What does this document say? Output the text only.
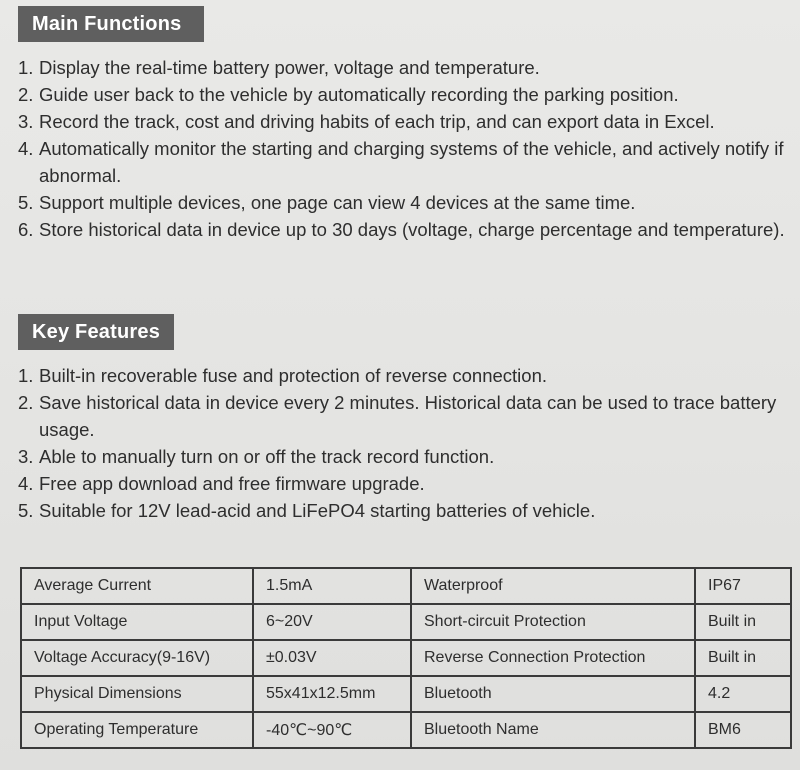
Main Functions
1. Display the real-time battery power, voltage and temperature.
2. Guide user back to the vehicle by automatically recording the parking position.
3. Record the track, cost and driving habits of each trip, and can export data in Excel.
4. Automatically monitor the starting and charging systems of the vehicle, and actively notify if abnormal.
5. Support multiple devices, one page can view 4 devices at the same time.
6. Store historical data in device up to 30 days (voltage, charge percentage and temperature).
Key Features
1. Built-in recoverable fuse and protection of reverse connection.
2. Save historical data in device every 2 minutes. Historical data can be used to trace battery usage.
3. Able to manually turn on or off the track record function.
4. Free app download and free firmware upgrade.
5. Suitable for 12V lead-acid and LiFePO4 starting batteries of vehicle.
Average Current	1.5mA	Waterproof	IP67
Input Voltage	6~20V	Short-circuit Protection	Built in
Voltage Accuracy(9-16V)	±0.03V	Reverse Connection Protection	Built in
Physical Dimensions	55x41x12.5mm	Bluetooth	4.2
Operating Temperature	-40℃~90℃	Bluetooth Name	BM6
